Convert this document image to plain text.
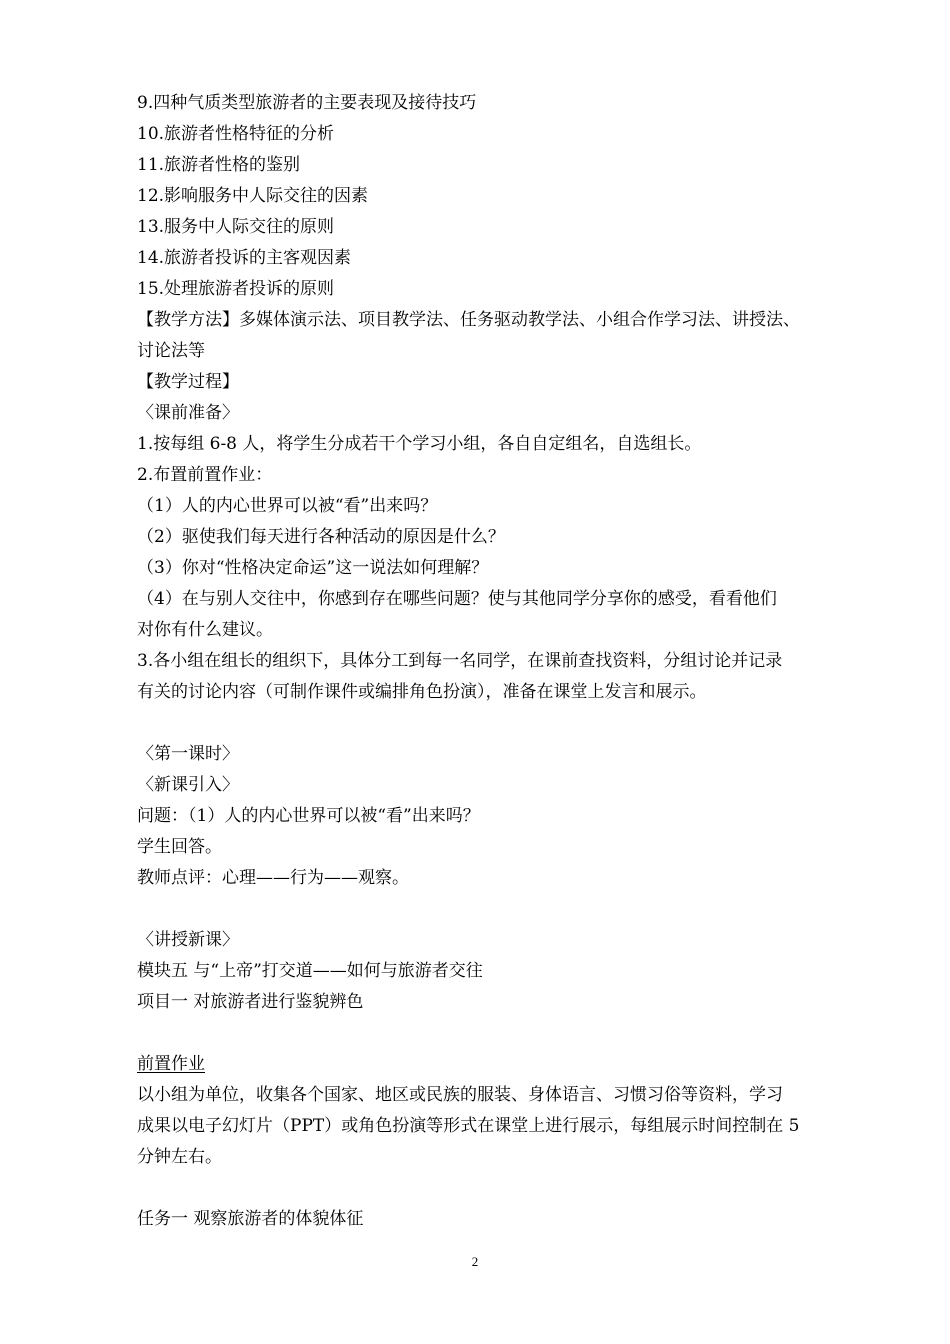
9.四种气质类型旅游者的主要表现及接待技巧
10.旅游者性格特征的分析
11.旅游者性格的鉴别
12.影响服务中人际交往的因素
13.服务中人际交往的原则
14.旅游者投诉的主客观因素
15.处理旅游者投诉的原则
【教学方法】多媒体演示法、项目教学法、任务驱动教学法、小组合作学习法、讲授法、
讨论法等
【教学过程】
〈课前准备〉
1.按每组 6-8 人，将学生分成若干个学习小组，各自自定组名，自选组长。
2.布置前置作业：
（1）人的内心世界可以被“看”出来吗？
（2）驱使我们每天进行各种活动的原因是什么？
（3）你对“性格决定命运”这一说法如何理解？
（4）在与别人交往中，你感到存在哪些问题？使与其他同学分享你的感受，看看他们
对你有什么建议。
3.各小组在组长的组织下，具体分工到每一名同学，在课前查找资料，分组讨论并记录
有关的讨论内容（可制作课件或编排角色扮演），准备在课堂上发言和展示。
〈第一课时〉
〈新课引入〉
问题：（1）人的内心世界可以被“看”出来吗？
学生回答。
教师点评：心理——行为——观察。
〈讲授新课〉
模块五 与“上帝”打交道——如何与旅游者交往
项目一 对旅游者进行鉴貌辨色
前置作业
以小组为单位，收集各个国家、地区或民族的服装、身体语言、习惯习俗等资料，学习
成果以电子幻灯片（PPT）或角色扮演等形式在课堂上进行展示，每组展示时间控制在 5
分钟左右。
任务一 观察旅游者的体貌体征
2
